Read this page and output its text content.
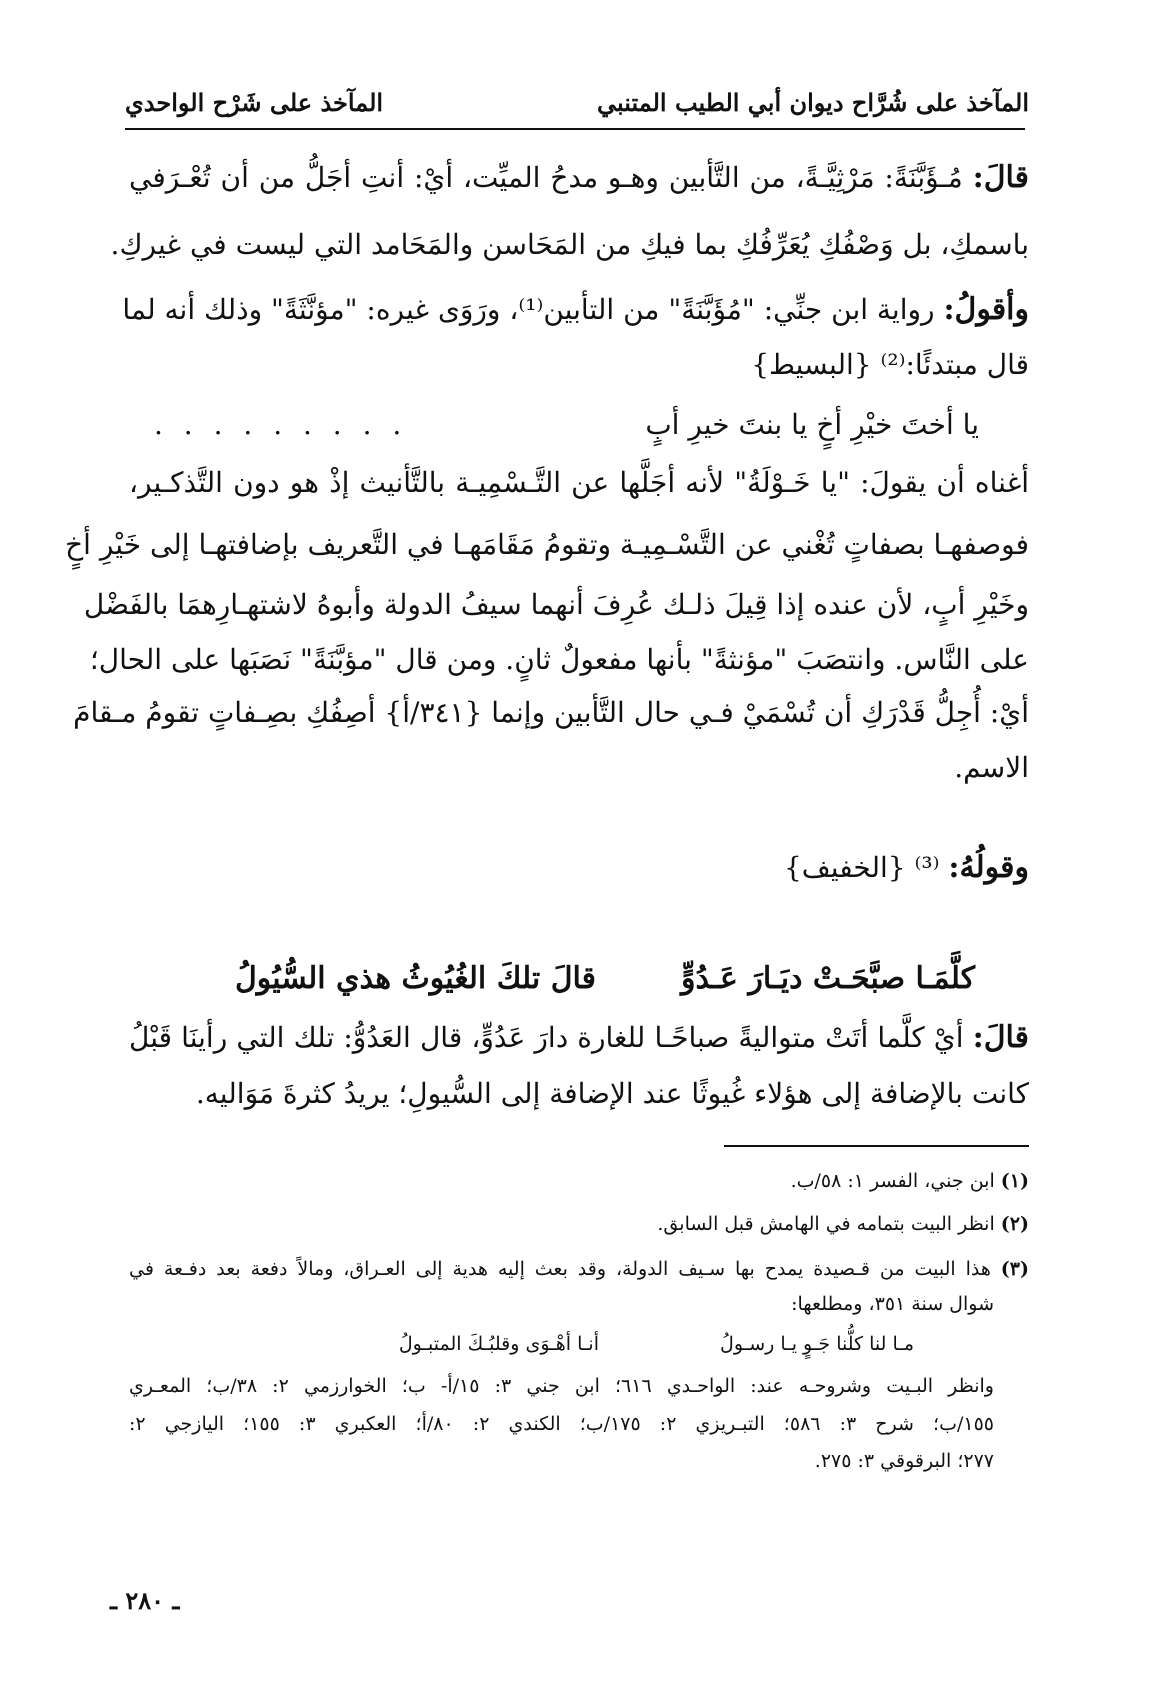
المآخذ على شُرَّاح ديوان أبي الطيب المتنبي
المآخذ على شَرْح الواحدي
قالَ: مُـؤَبَّنَةً: مَرْثِيَّـةً، من التَّأبين وهـو مدحُ الميِّت، أيْ: أنتِ أجَلُّ من أن تُعْـرَفي
باسمكِ، بل وَصْفُكِ يُعَرِّفُكِ بما فيكِ من المَحَاسن والمَحَامد التي ليست في غيركِ.
وأقولُ: رواية ابن جنِّي: "مُؤَبَّنَةً" من التأبين⁽¹⁾، ورَوَى غيره: "مؤنَّثَةً" وذلك أنه لما
قال مبتدئًا:⁽²⁾ {البسيط}
يا أختَ خيْرِ أخٍ يا بنتَ خيرِ أبٍ
. . . . . . . . .
أغناه أن يقولَ: "يا خَـوْلَةُ" لأنه أجَلَّها عن التَّـسْمِيـة بالتَّأنيث إذْ هو دون التَّذكـير،
فوصفهـا بصفاتٍ تُغْني عن التَّسْـمِيـة وتقومُ مَقَامَهـا في التَّعريف بإضافتهـا إلى خَيْرِ أخٍ
وخَيْرِ أبٍ، لأن عنده إذا قِيلَ ذلـك عُرِفَ أنهما سيفُ الدولة وأبوهُ لاشتهـارِهمَا بالفَضْل
على النَّاس. وانتصَبَ "مؤنثةً" بأنها مفعولٌ ثانٍ. ومن قال "مؤبَّنَةً" نَصَبَها على الحال؛
أيْ: أُجِلُّ قَدْرَكِ أن تُسْمَيْ فـي حال التَّأبين وإنما {٣٤١/أ} أصِفُكِ بصِـفاتٍ تقومُ مـقامَ
الاسم.
وقولُهُ: ⁽³⁾ {الخفيف}
كلَّمَـا صبَّحَـتْ ديَـارَ عَـدُوٍّ
قالَ تلكَ الغُيُوثُ هذي السُّيُولُ
قالَ: أيْ كلَّما أتَتْ متواليةً صباحًـا للغارة دارَ عَدُوٍّ، قال العَدُوُّ: تلك التي رأينَا قَبْلُ
كانت بالإضافة إلى هؤلاء غُيوثًا عند الإضافة إلى السُّيولِ؛ يريدُ كثرةَ مَوَاليه.
(١) ابن جني، الفسر ١: ٥٨/ب.
(٢) انظر البيت بتمامه في الهامش قبل السابق.
(٣) هذا البيت من قـصيدة يمدح بها سـيف الدولة، وقد بعث إليه هدية إلى العـراق، ومالاً دفعة بعد دفـعة في
شوال سنة ٣٥١، ومطلعها:
مـا لنا كلُّنا جَـوٍ يـا رسـولُ
أنـا أهْـوَى وقلبُـكَ المتبـولُ
وانظر البـيت وشروحـه عند: الواحـدي ٦١٦؛ ابن جني ٣: ١٥/أ- ب؛ الخوارزمي ٢: ٣٨/ب؛ المعـري
١٥٥/ب؛ شرح ٣: ٥٨٦؛ التبـريزي ٢: ١٧٥/ب؛ الكندي ٢: ٨٠/أ؛ العكبري ٣: ١٥٥؛ اليازجي ٢:
٢٧٧؛ البرقوقي ٣: ٢٧٥.
ـ ٢٨٠ ـ
